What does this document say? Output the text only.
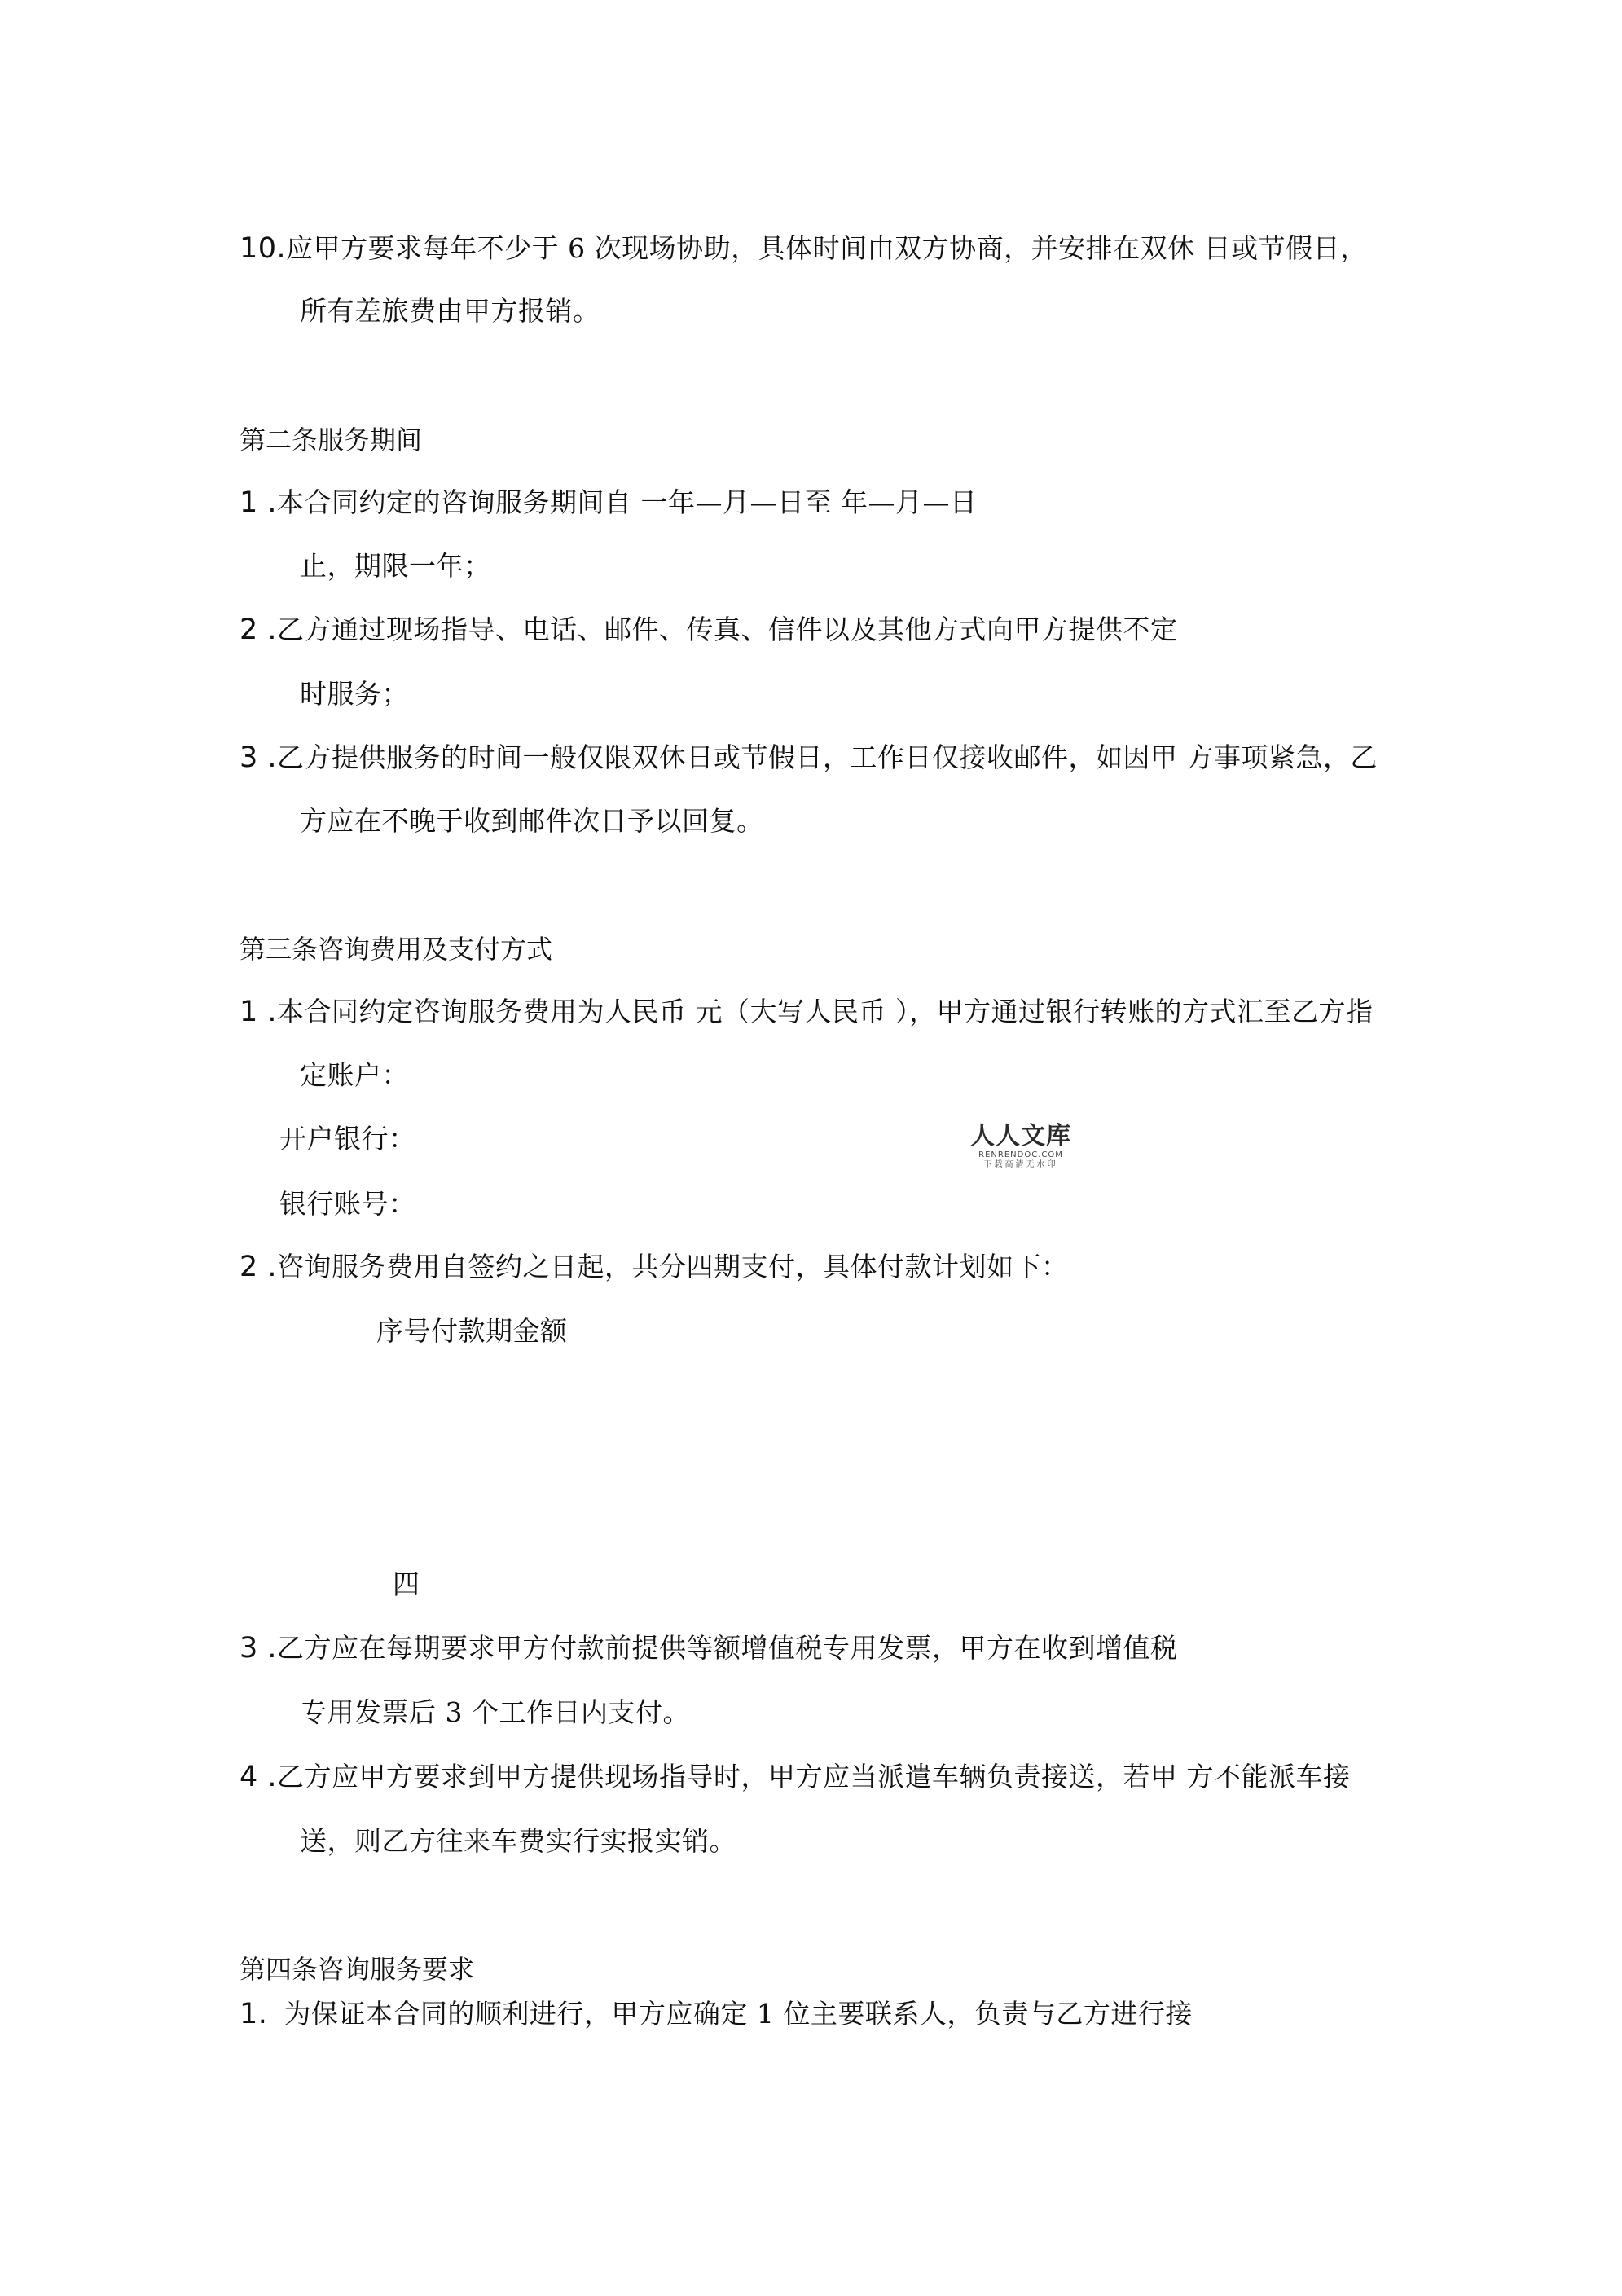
10.应甲方要求每年不少于 6 次现场协助，具体时间由双方协商，并安排在双休 日或节假日，
所有差旅费由甲方报销。
第二条服务期间
1 .本合同约定的咨询服务期间自 一年—月—日至 年—月—日
止，期限一年；
2 .乙方通过现场指导、电话、邮件、传真、信件以及其他方式向甲方提供不定
时服务；
3 .乙方提供服务的时间一般仅限双休日或节假日，工作日仅接收邮件，如因甲 方事项紧急，乙
方应在不晚于收到邮件次日予以回复。
第三条咨询费用及支付方式
1 .本合同约定咨询服务费用为人民币 元（大写人民币 ），甲方通过银行转账的方式汇至乙方指
定账户：
开户银行：
银行账号：
2 .咨询服务费用自签约之日起，共分四期支付，具体付款计划如下：
序号付款期金额
四
3 .乙方应在每期要求甲方付款前提供等额增值税专用发票，甲方在收到增值税
专用发票后 3 个工作日内支付。
4 .乙方应甲方要求到甲方提供现场指导时，甲方应当派遣车辆负责接送，若甲 方不能派车接
送，则乙方往来车费实行实报实销。
第四条咨询服务要求
1. 为保证本合同的顺利进行，甲方应确定 1 位主要联系人，负责与乙方进行接
人人文库
RENRENDOC.COM
下载高清无水印
